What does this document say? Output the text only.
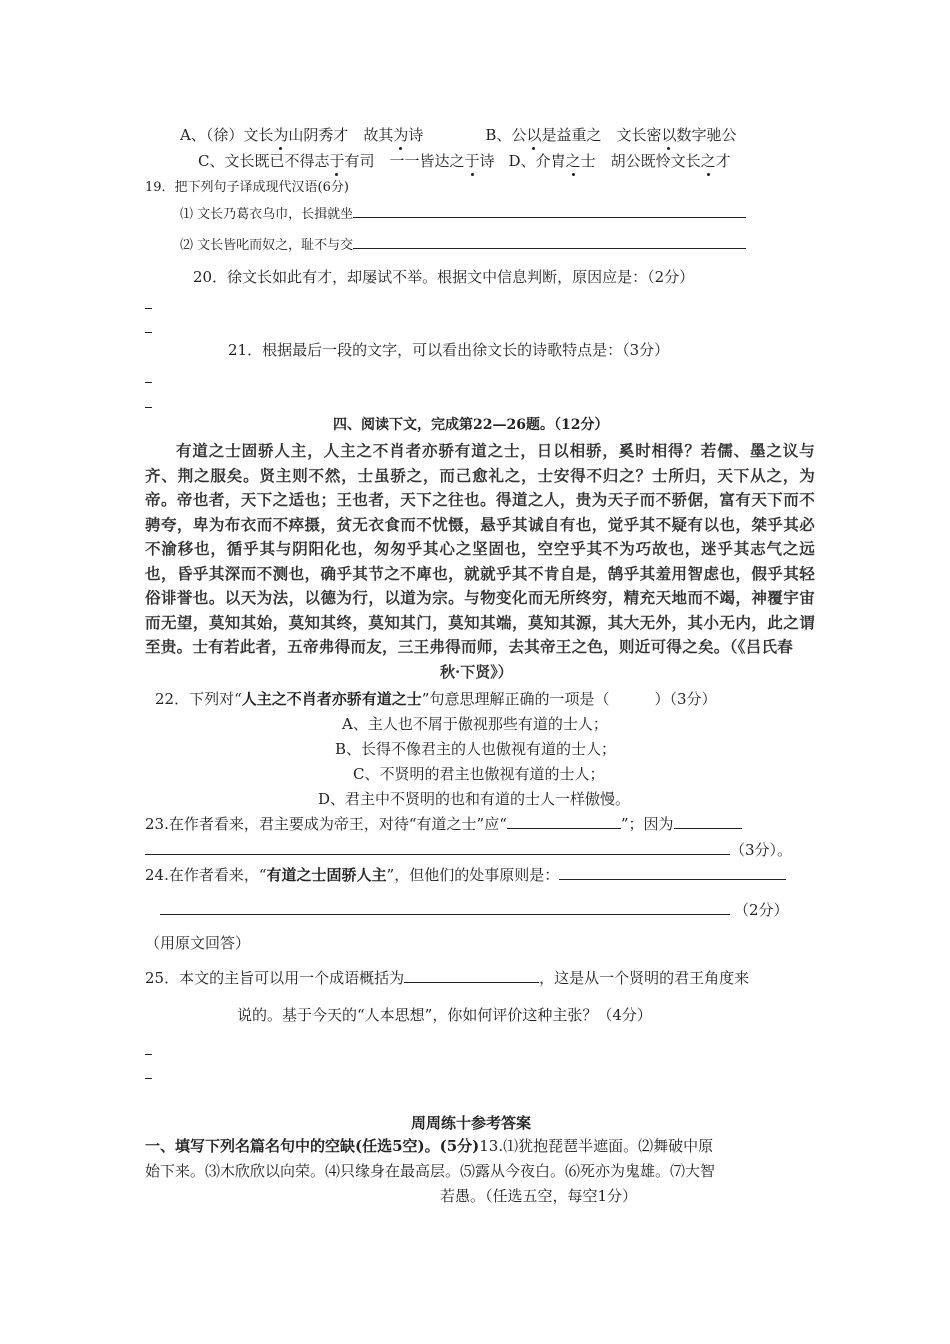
A、（徐）文长为山阴秀才　故其为诗	B、公以是益重之　文长密以数字驰公
C、文长既已不得志于有司　一一皆达之于诗 D、介胄之士　胡公既怜文长之才
19．把下列句子译成现代汉语(6分)
⑴ 文长乃葛衣乌巾，长揖就坐
⑵ 文长皆叱而奴之，耻不与交
20．徐文长如此有才，却屡试不举。根据文中信息判断，原因应是：（2分）
21．根据最后一段的文字，可以看出徐文长的诗歌特点是：（3分）
四、阅读下文，完成第22—26题。（12分）

有道之士固骄人主，人主之不肖者亦骄有道之士，日以相骄，奚时相得？若儒、墨之议与齐、荆之服矣。贤主则不然，士虽骄之，而己愈礼之，士安得不归之？士所归，天下从之，为帝。帝也者，天下之适也；王也者，天下之往也。得道之人，贵为天子而不骄倨，富有天下而不骋夸，卑为布衣而不瘁摄，贫无衣食而不忧慑，悬乎其诚自有也，觉乎其不疑有以也，桀乎其必不渝移也，循乎其与阴阳化也，匆匆乎其心之坚固也，空空乎其不为巧故也，迷乎其志气之远也，昏乎其深而不测也，确乎其节之不庳也，就就乎其不肯自是，鹄乎其羞用智虑也，假乎其轻俗诽誉也。以天为法，以德为行，以道为宗。与物变化而无所终穷，精充天地而不竭，神覆宇宙而无望，莫知其始，莫知其终，莫知其门，莫知其端，莫知其源，其大无外，其小无内，此之谓至贵。士有若此者，五帝弗得而友，三王弗得而师，去其帝王之色，则近可得之矣。（《吕氏春

秋·下贤》）
22．下列对“人主之不肖者亦骄有道之士”句意思理解正确的一项是（　　　）（3分）
A、主人也不屑于傲视那些有道的士人；
B、长得不像君主的人也傲视有道的士人；
C、不贤明的君主也傲视有道的士人；
D、君主中不贤明的也和有道的士人一样傲慢。
23.在作者看来，君主要成为帝王，对待“有道之士”应“	”；因为
（3分）。
24.在作者看来，“有道之士固骄人主”，但他们的处事原则是：
（2分）
（用原文回答）
25．本文的主旨可以用一个成语概括为	，这是从一个贤明的君王角度来
说的。基于今天的“人本思想”，你如何评价这种主张？（4分）
周周练十参考答案
一、填写下列名篇名句中的空缺(任选5空)。(5分)13.⑴犹抱琵琶半遮面。⑵舞破中原
始下来。⑶木欣欣以向荣。⑷只缘身在最高层。⑸露从今夜白。⑹死亦为鬼雄。⑺大智
若愚。（任选五空，每空1分）
